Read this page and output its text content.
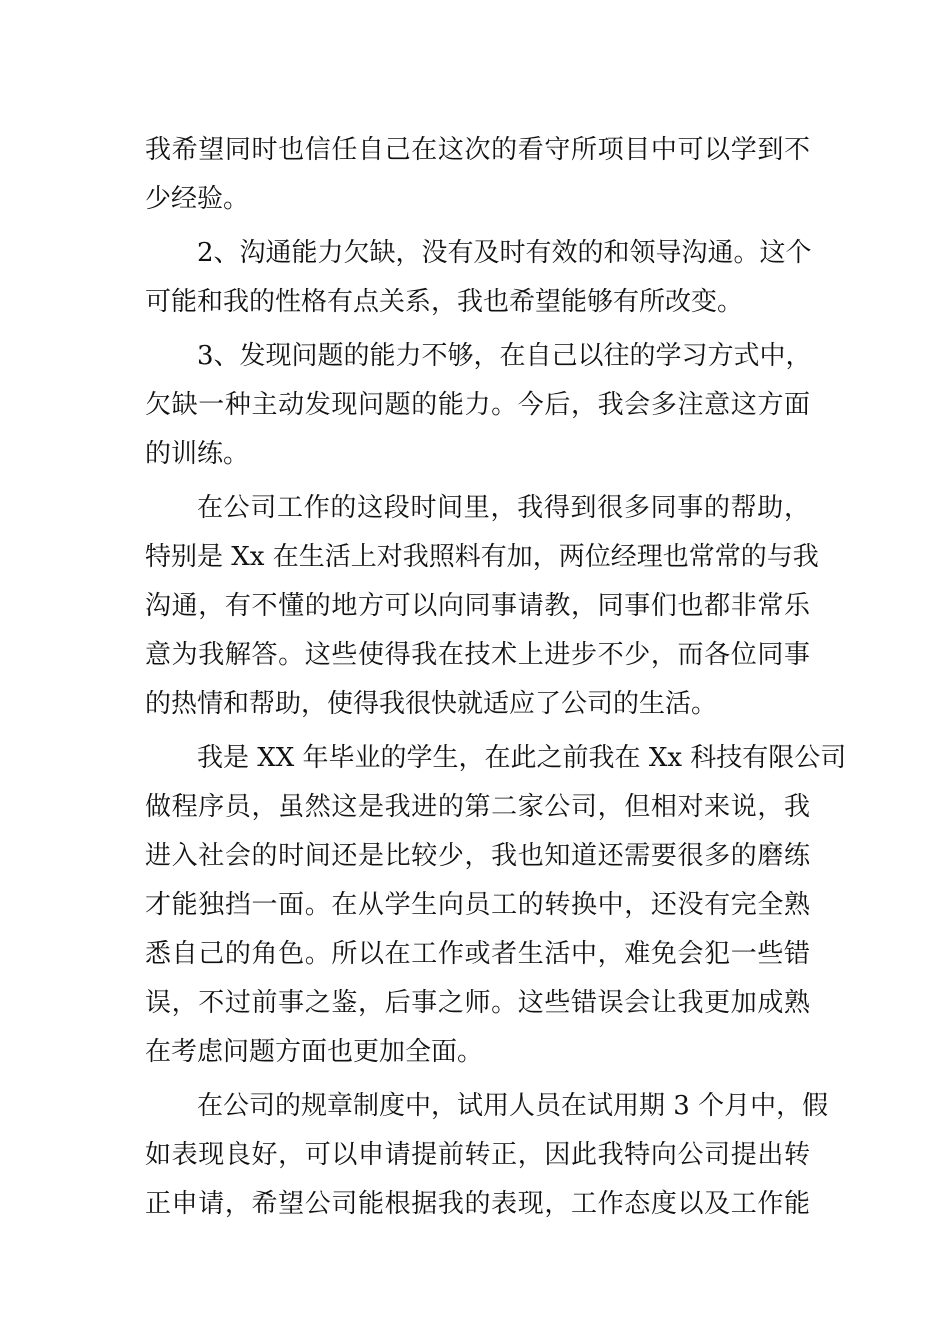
我希望同时也信任自己在这次的看守所项目中可以学到不
少经验。
2、沟通能力欠缺，没有及时有效的和领导沟通。这个
可能和我的性格有点关系，我也希望能够有所改变。
3、发现问题的能力不够，在自己以往的学习方式中，
欠缺一种主动发现问题的能力。今后，我会多注意这方面
的训练。
在公司工作的这段时间里，我得到很多同事的帮助，
特别是 Xx 在生活上对我照料有加，两位经理也常常的与我
沟通，有不懂的地方可以向同事请教，同事们也都非常乐
意为我解答。这些使得我在技术上进步不少，而各位同事
的热情和帮助，使得我很快就适应了公司的生活。
我是 XX 年毕业的学生，在此之前我在 Xx 科技有限公司
做程序员，虽然这是我进的第二家公司，但相对来说，我
进入社会的时间还是比较少，我也知道还需要很多的磨练
才能独挡一面。在从学生向员工的转换中，还没有完全熟
悉自己的角色。所以在工作或者生活中，难免会犯一些错
误，不过前事之鉴，后事之师。这些错误会让我更加成熟
在考虑问题方面也更加全面。
在公司的规章制度中，试用人员在试用期 3 个月中，假
如表现良好，可以申请提前转正，因此我特向公司提出转
正申请，希望公司能根据我的表现，工作态度以及工作能
